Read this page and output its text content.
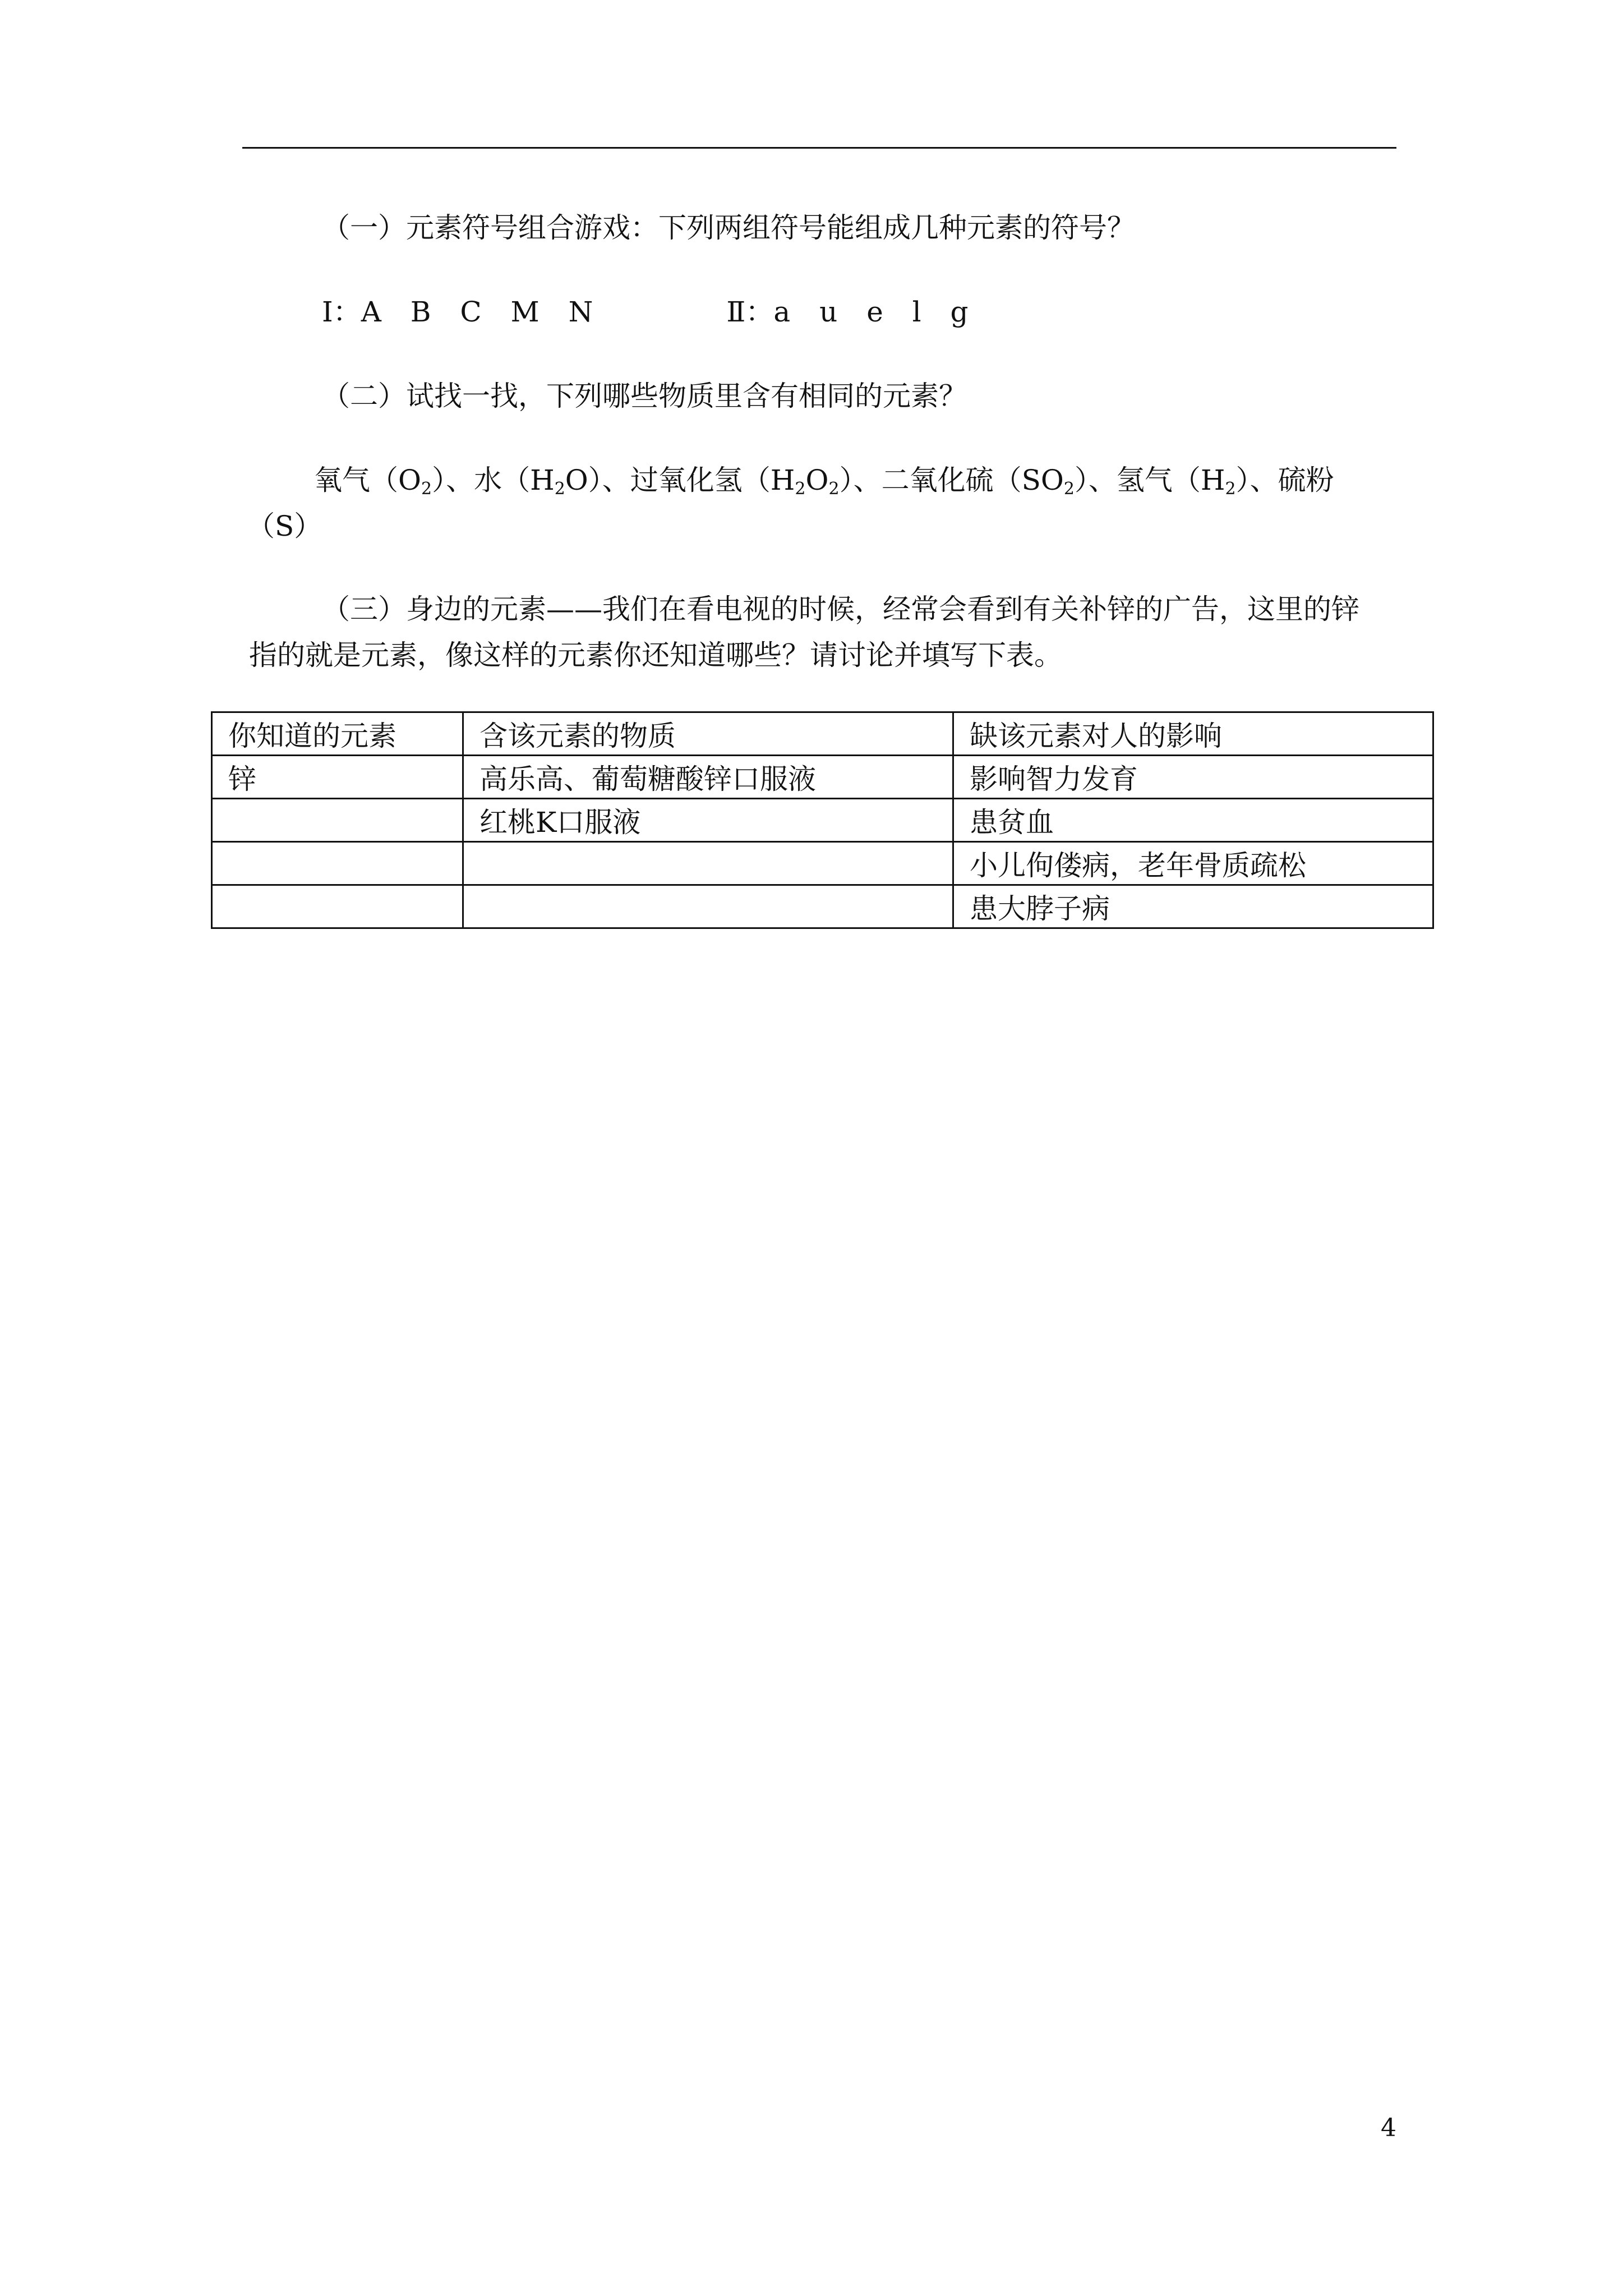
（一）元素符号组合游戏：下列两组符号能组成几种元素的符号？
Ⅰ：A B C M N	Ⅱ：a u e l g
（二）试找一找，下列哪些物质里含有相同的元素？
氧气$(O_2)$、水$(H_2O)$、过氧化氢$(H_2O_2)$、二氧化硫$(SO_2)$、氢气$(H_2)$、硫粉
（S）
（三）身边的元素——我们在看电视的时候，经常会看到有关补锌的广告，这里的锌
指的就是元素，像这样的元素你还知道哪些？请讨论并填写下表。
你知道的元素	含该元素的物质	缺该元素对人的影响
锌	高乐高、葡萄糖酸锌口服液	影响智力发育
	红桃K口服液	患贫血
		小儿佝偻病，老年骨质疏松
		患大脖子病
4
